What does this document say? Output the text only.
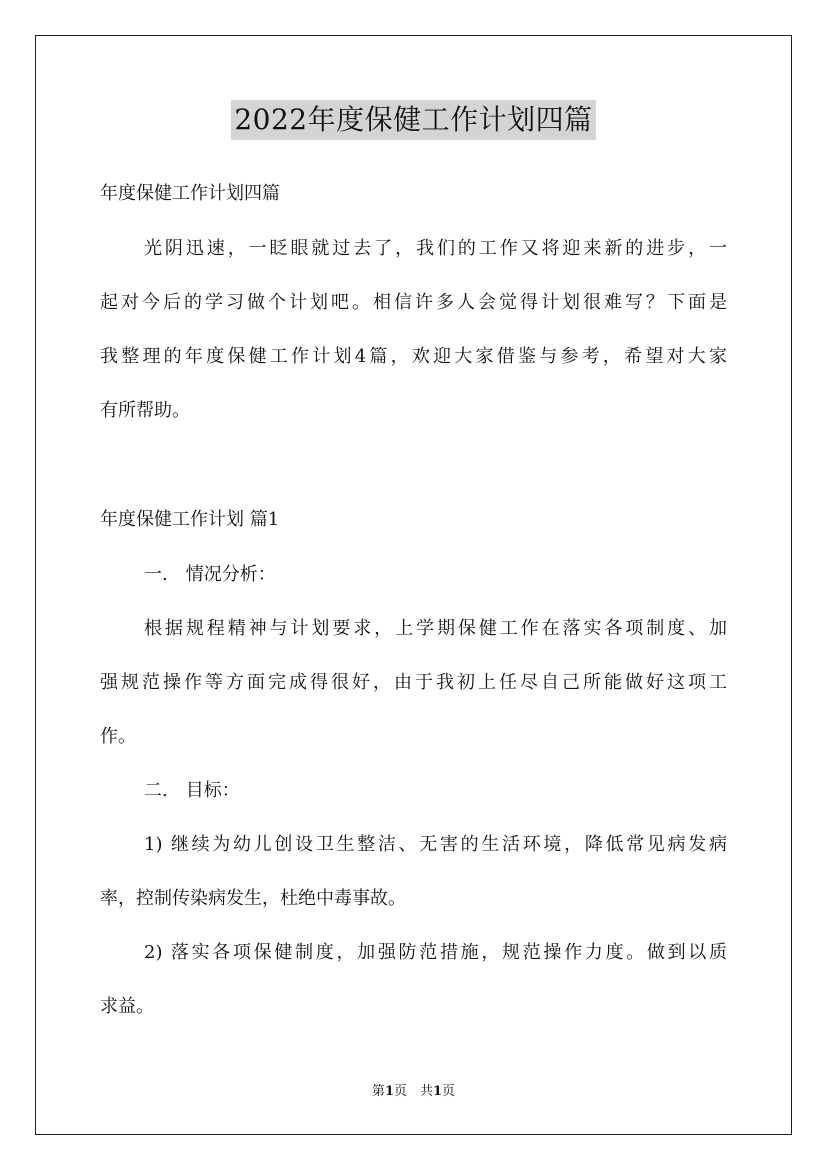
2022年度保健工作计划四篇
年度保健工作计划四篇
光阴迅速，一眨眼就过去了，我们的工作又将迎来新的进步，一
起对今后的学习做个计划吧。相信许多人会觉得计划很难写？下面是
我整理的年度保健工作计划4篇，欢迎大家借鉴与参考，希望对大家
有所帮助。
年度保健工作计划 篇1
一.　情况分析：
根据规程精神与计划要求，上学期保健工作在落实各项制度、加
强规范操作等方面完成得很好，由于我初上任尽自己所能做好这项工
作。
二.　目标：
1) 继续为幼儿创设卫生整洁、无害的生活环境，降低常见病发病
率，控制传染病发生，杜绝中毒事故。
2) 落实各项保健制度，加强防范措施，规范操作力度。做到以质
求益。
第1页　共1页
